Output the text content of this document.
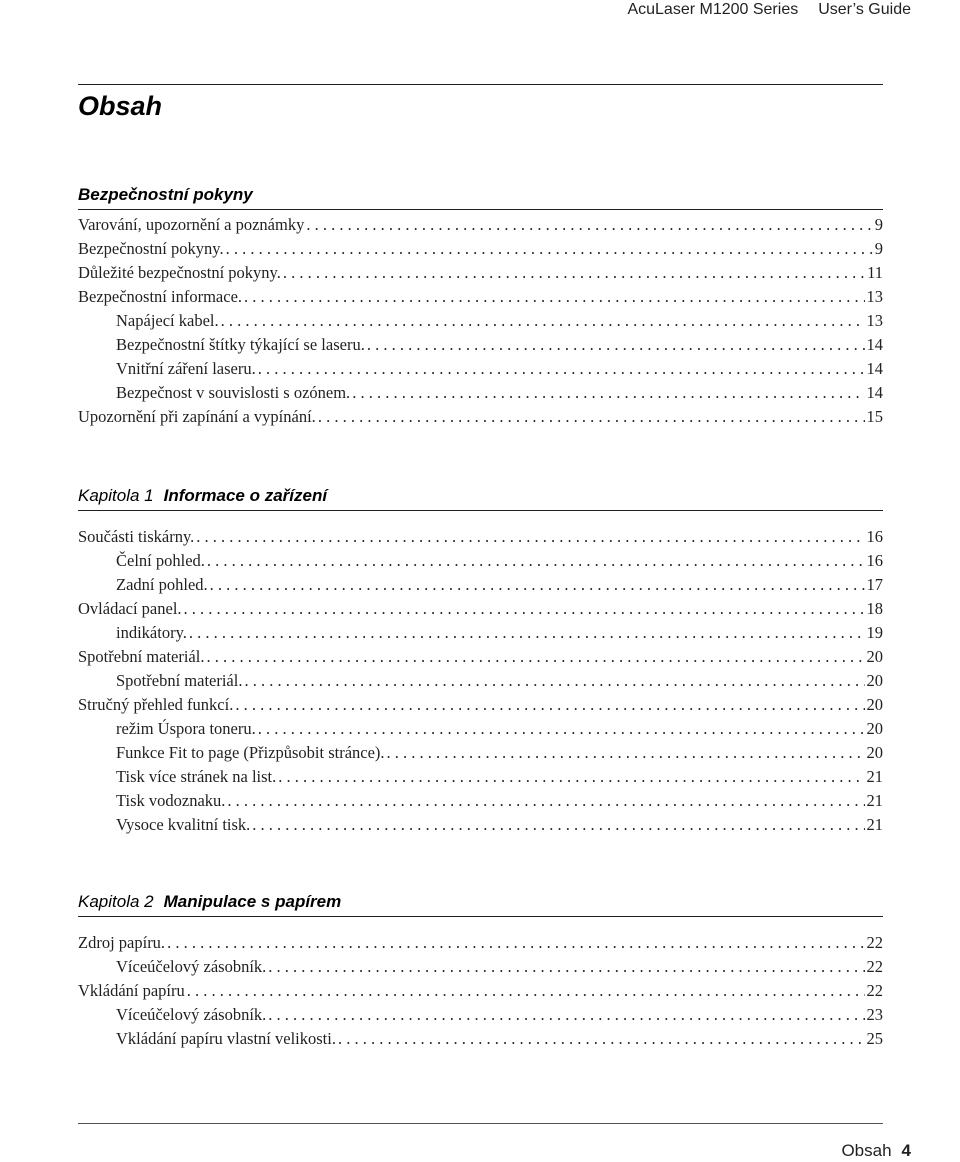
AcuLaser M1200 Series User’s Guide
Obsah
Bezpečnostní pokyny
Varování, upozornění a poznámky . . .	9
Bezpečnostní pokyny. . . .	9
Důležité bezpečnostní pokyny. . . .	11
Bezpečnostní informace. . . .	13
Napájecí kabel. . . .	13
Bezpečnostní štítky týkající se laseru. . . .	14
Vnitřní záření laseru. . . .	14
Bezpečnost v souvislosti s ozónem. . . .	14
Upozornění při zapínání a vypínání. . . .	15
Kapitola 1 Informace o zařízení
Součásti tiskárny. . . .	16
Čelní pohled. . . .	16
Zadní pohled. . . .	17
Ovládací panel. . . .	18
indikátory. . . .	19
Spotřební materiál. . . .	20
Spotřební materiál. . . .	20
Stručný přehled funkcí. . . .	20
režim Úspora toneru. . . .	20
Funkce Fit to page (Přizpůsobit stránce). . . .	20
Tisk více stránek na list. . . .	21
Tisk vodoznaku. . . .	21
Vysoce kvalitní tisk. . . .	21
Kapitola 2 Manipulace s papírem
Zdroj papíru. . . .	22
Víceúčelový zásobník. . . .	22
Vkládání papíru . . .	22
Víceúčelový zásobník. . . .	23
Vkládání papíru vlastní velikosti. . . .	25
Obsah 4
